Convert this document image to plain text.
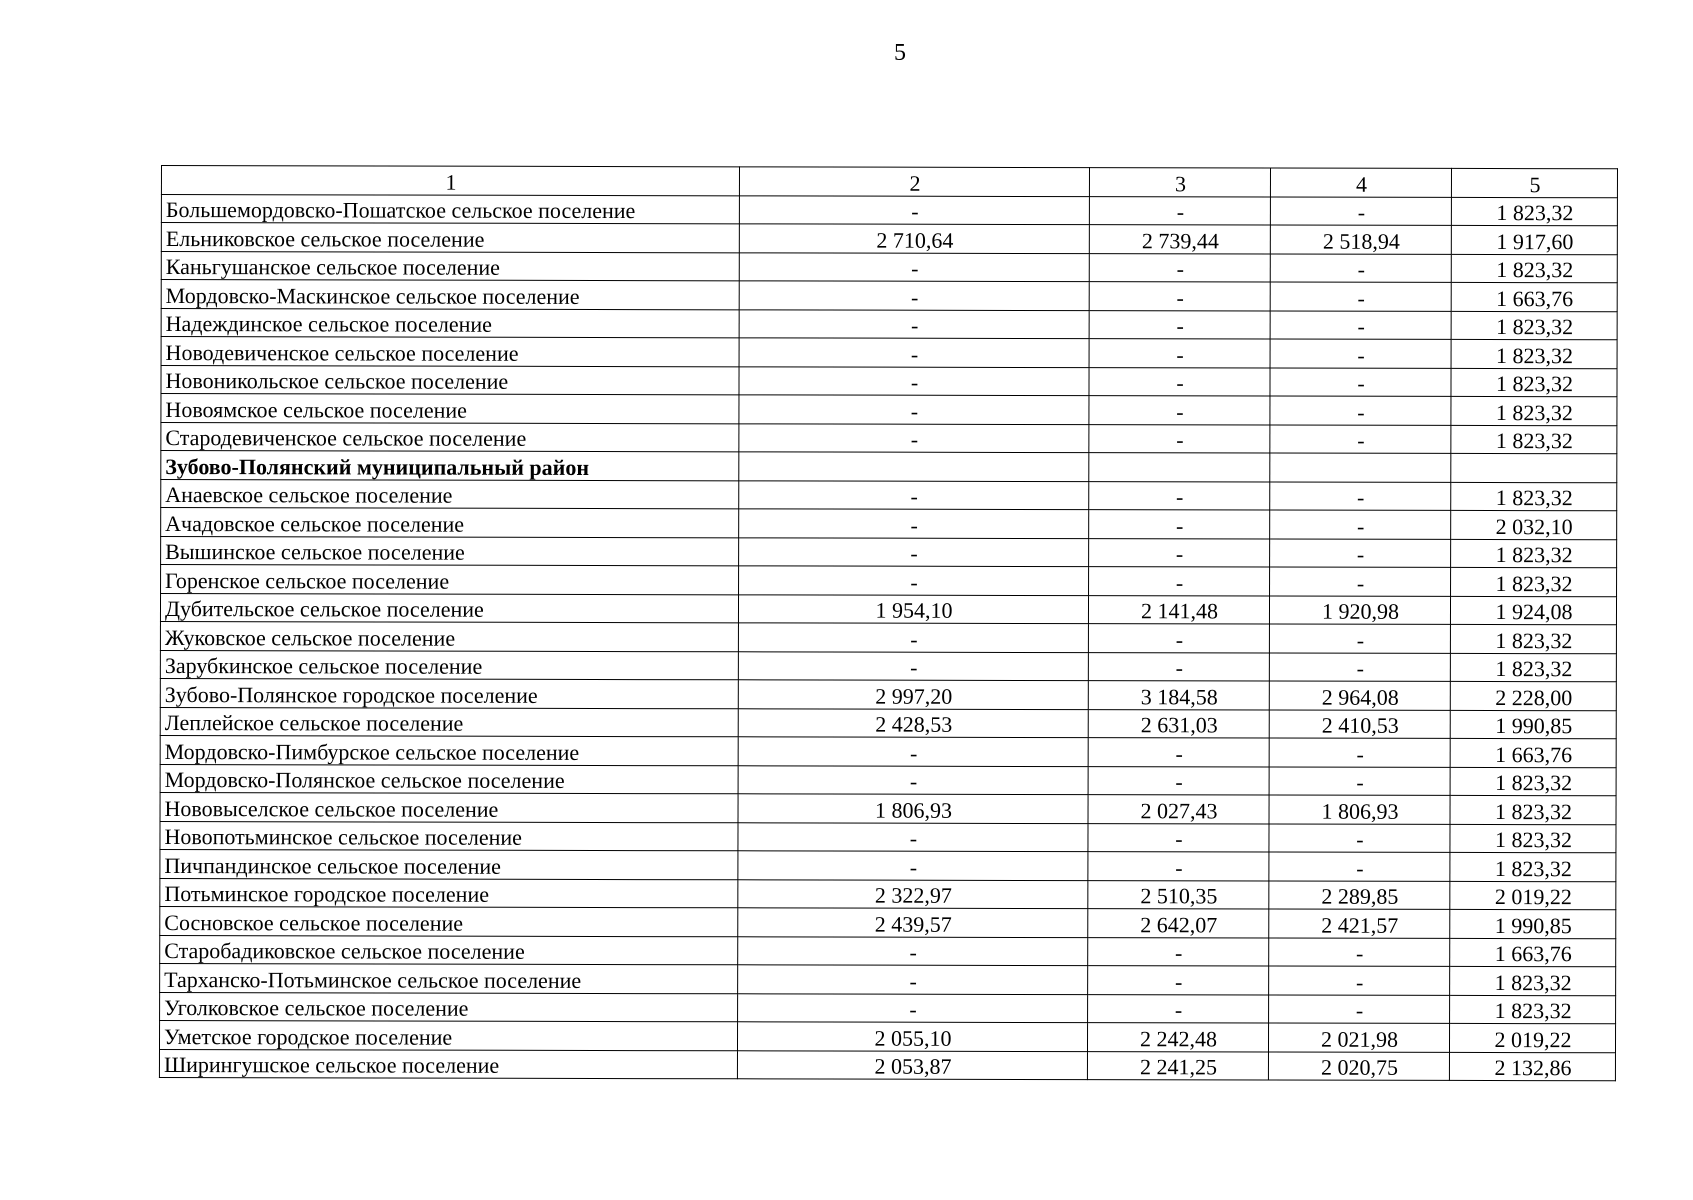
5
1	2	3	4	5
Большемордовско-Пошатское сельское поселение	-	-	-	1 823,32
Ельниковское сельское поселение	2 710,64	2 739,44	2 518,94	1 917,60
Каньгушанское сельское поселение	-	-	-	1 823,32
Мордовско-Маскинское сельское поселение	-	-	-	1 663,76
Надеждинское сельское поселение	-	-	-	1 823,32
Новодевиченское сельское поселение	-	-	-	1 823,32
Новоникольское сельское поселение	-	-	-	1 823,32
Новоямское сельское поселение	-	-	-	1 823,32
Стародевиченское сельское поселение	-	-	-	1 823,32
Зубово-Полянский муниципальный район				
Анаевское сельское поселение	-	-	-	1 823,32
Ачадовское сельское поселение	-	-	-	2 032,10
Вышинское сельское поселение	-	-	-	1 823,32
Горенское сельское поселение	-	-	-	1 823,32
Дубительское сельское поселение	1 954,10	2 141,48	1 920,98	1 924,08
Жуковское сельское поселение	-	-	-	1 823,32
Зарубкинское сельское поселение	-	-	-	1 823,32
Зубово-Полянское городское поселение	2 997,20	3 184,58	2 964,08	2 228,00
Леплейское сельское поселение	2 428,53	2 631,03	2 410,53	1 990,85
Мордовско-Пимбурское сельское поселение	-	-	-	1 663,76
Мордовско-Полянское сельское поселение	-	-	-	1 823,32
Нововыселское сельское поселение	1 806,93	2 027,43	1 806,93	1 823,32
Новопотьминское сельское поселение	-	-	-	1 823,32
Пичпандинское сельское поселение	-	-	-	1 823,32
Потьминское городское поселение	2 322,97	2 510,35	2 289,85	2 019,22
Сосновское сельское поселение	2 439,57	2 642,07	2 421,57	1 990,85
Старобадиковское сельское поселение	-	-	-	1 663,76
Тарханско-Потьминское сельское поселение	-	-	-	1 823,32
Уголковское сельское поселение	-	-	-	1 823,32
Уметское городское поселение	2 055,10	2 242,48	2 021,98	2 019,22
Ширингушское сельское поселение	2 053,87	2 241,25	2 020,75	2 132,86
